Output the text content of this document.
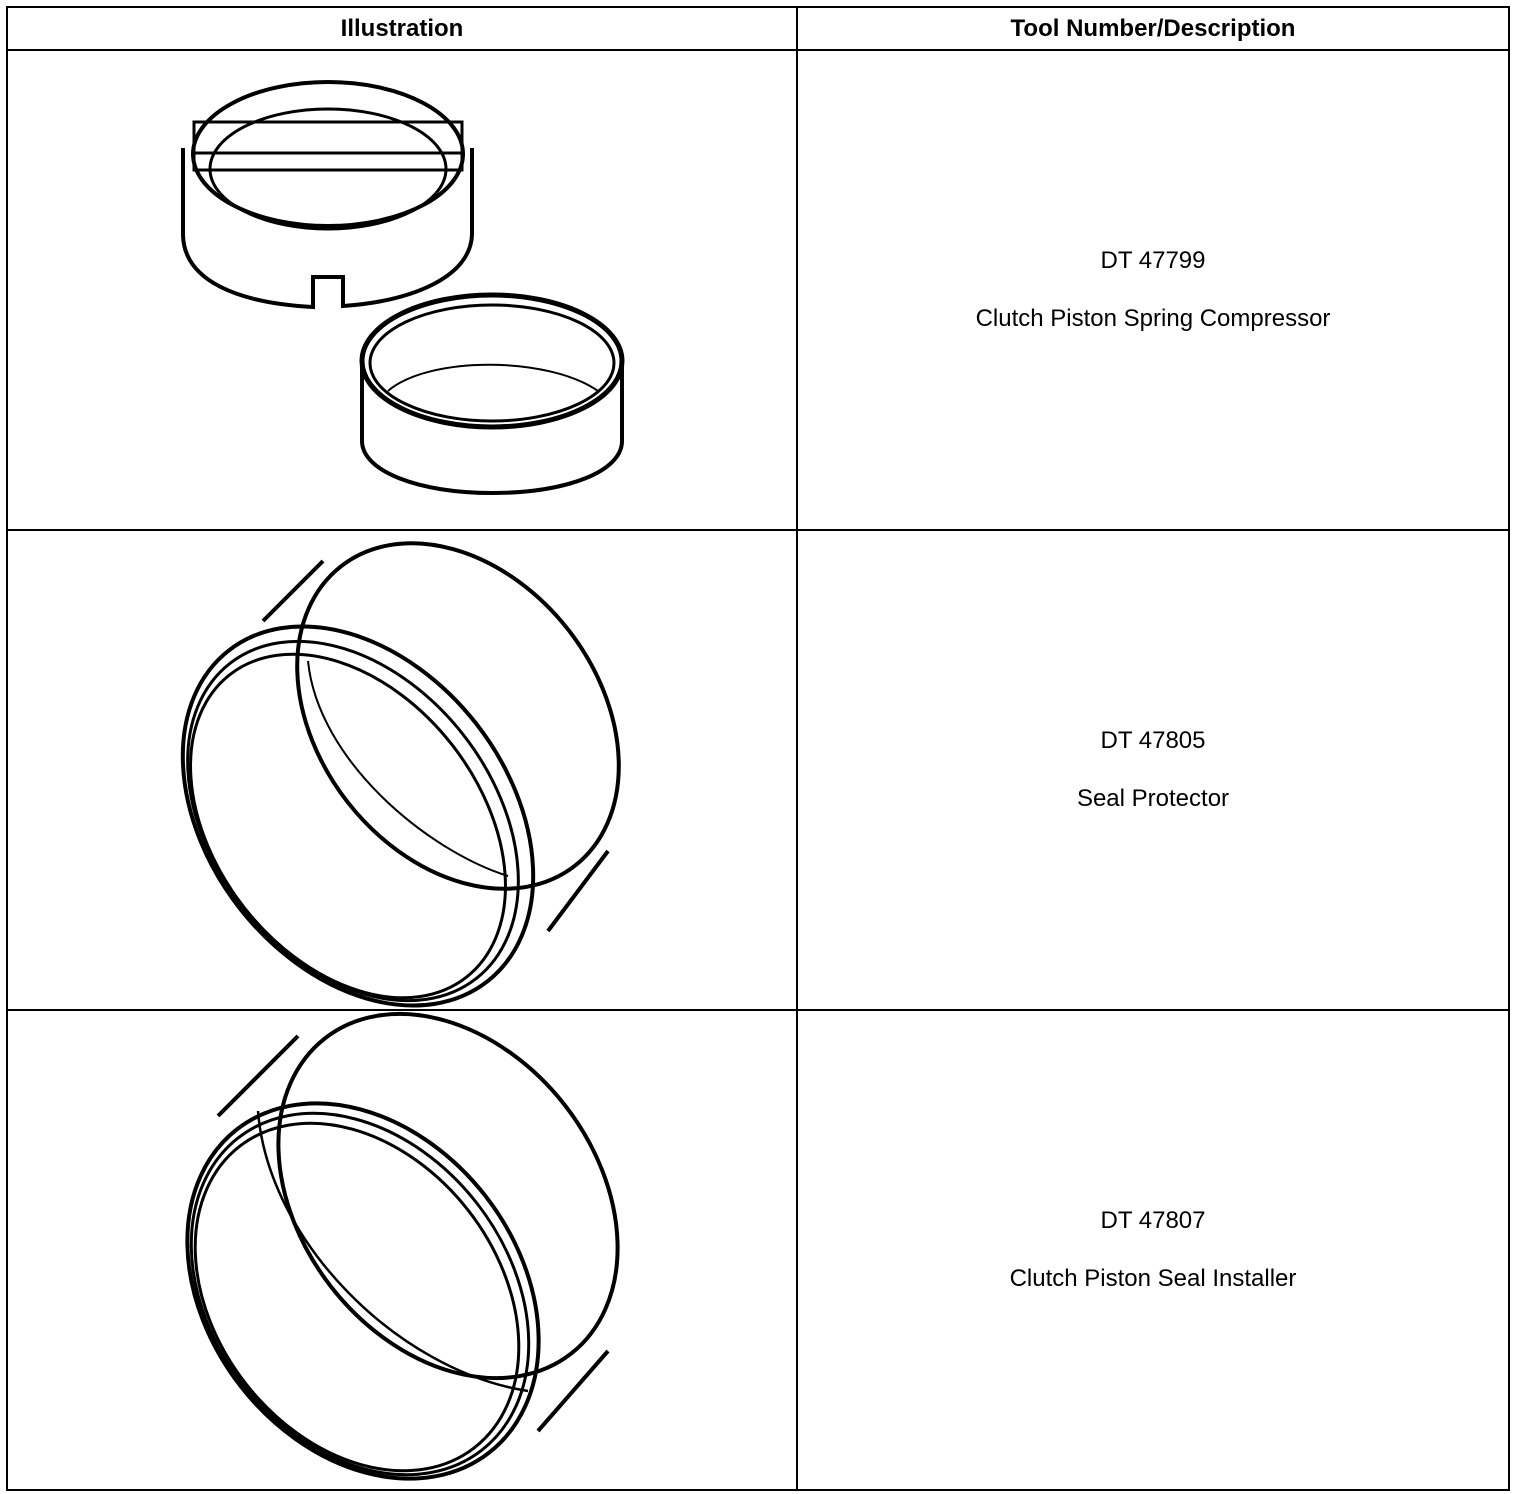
Illustration	Tool Number/Description

DT 47799
Clutch Piston Spring Compressor

DT 47805
Seal Protector

DT 47807
Clutch Piston Seal Installer
